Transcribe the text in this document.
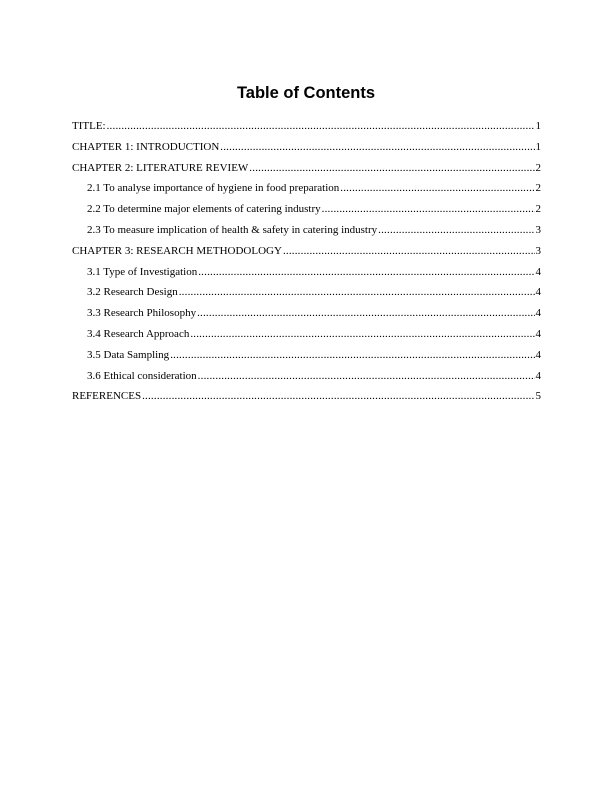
Table of Contents
TITLE: .....	1
CHAPTER 1: INTRODUCTION .....	1
CHAPTER 2: LITERATURE REVIEW .....	2
2.1 To analyse importance of hygiene in food preparation .....	2
2.2 To determine major elements of catering industry .....	2
2.3 To measure implication of health & safety in catering industry .....	3
CHAPTER 3: RESEARCH METHODOLOGY .....	3
3.1 Type of Investigation .....	4
3.2 Research Design .....	4
3.3 Research Philosophy .....	4
3.4 Research Approach .....	4
3.5 Data Sampling .....	4
3.6 Ethical consideration .....	4
REFERENCES .....	5
